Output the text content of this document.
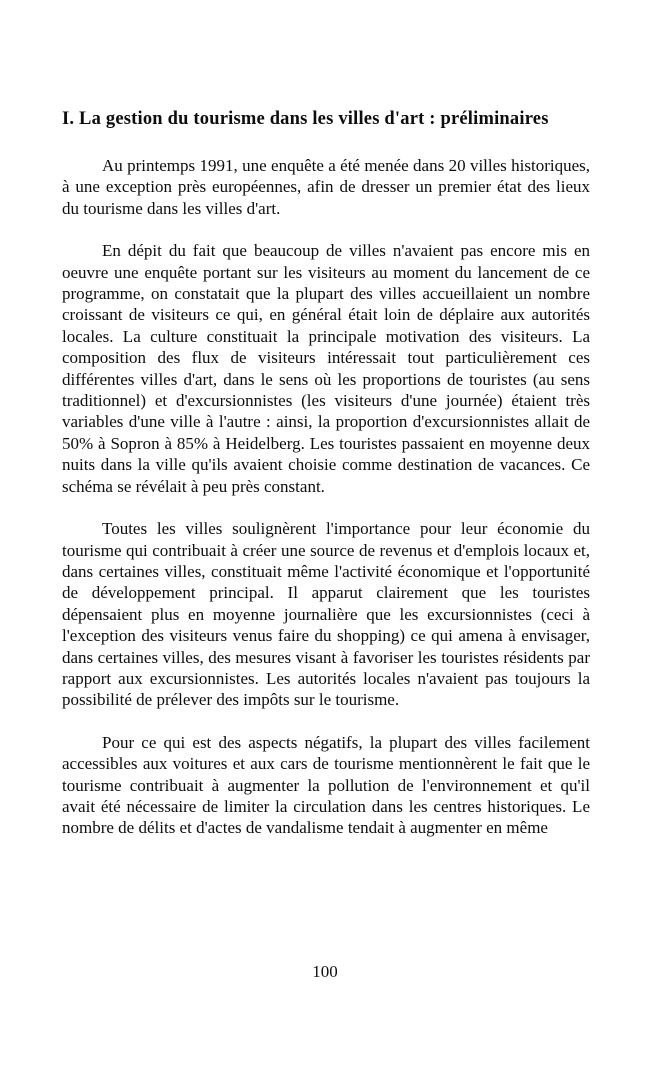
I. La gestion du tourisme dans les villes d'art : préliminaires

Au printemps 1991, une enquête a été menée dans 20 villes historiques, à une exception près européennes, afin de dresser un premier état des lieux du tourisme dans les villes d'art.

En dépit du fait que beaucoup de villes n'avaient pas encore mis en oeuvre une enquête portant sur les visiteurs au moment du lancement de ce programme, on constatait que la plupart des villes accueillaient un nombre croissant de visiteurs ce qui, en général était loin de déplaire aux autorités locales. La culture constituait la principale motivation des visiteurs. La composition des flux de visiteurs intéressait tout particulièrement ces différentes villes d'art, dans le sens où les proportions de touristes (au sens traditionnel) et d'excursionnistes (les visiteurs d'une journée) étaient très variables d'une ville à l'autre : ainsi, la proportion d'excursionnistes allait de 50% à Sopron à 85% à Heidelberg. Les touristes passaient en moyenne deux nuits dans la ville qu'ils avaient choisie comme destination de vacances. Ce schéma se révélait à peu près constant.

Toutes les villes soulignèrent l'importance pour leur économie du tourisme qui contribuait à créer une source de revenus et d'emplois locaux et, dans certaines villes, constituait même l'activité économique et l'opportunité de développement principal. Il apparut clairement que les touristes dépensaient plus en moyenne journalière que les excursionnistes (ceci à l'exception des visiteurs venus faire du shopping) ce qui amena à envisager, dans certaines villes, des mesures visant à favoriser les touristes résidents par rapport aux excursionnistes. Les autorités locales n'avaient pas toujours la possibilité de prélever des impôts sur le tourisme.

Pour ce qui est des aspects négatifs, la plupart des villes facilement accessibles aux voitures et aux cars de tourisme mentionnèrent le fait que le tourisme contribuait à augmenter la pollution de l'environnement et qu'il avait été nécessaire de limiter la circulation dans les centres historiques. Le nombre de délits et d'actes de vandalisme tendait à augmenter en même

100
